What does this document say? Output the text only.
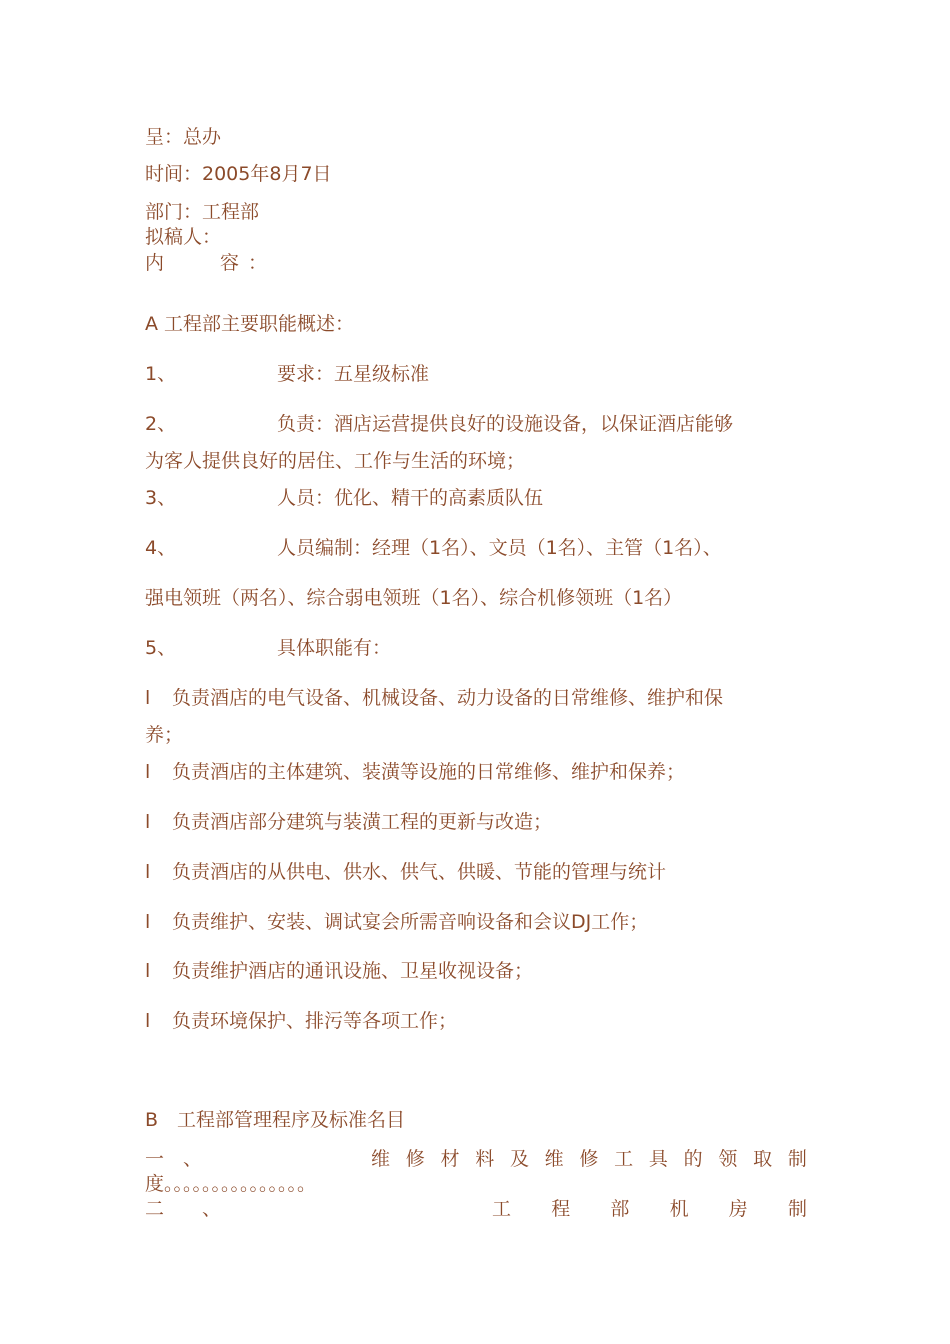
呈：总办
时间：2005年8月7日
部门：工程部
拟稿人：
内	容 ：
A 工程部主要职能概述：
1、	要求：五星级标准
2、	负责：酒店运营提供良好的设施设备，以保证酒店能够
为客人提供良好的居住、工作与生活的环境；
3、	人员：优化、精干的高素质队伍
4、	人员编制：经理（1名）、文员（1名）、主管（1名）、
强电领班（两名）、综合弱电领班（1名）、综合机修领班（1名）
5、	具体职能有：
l 负责酒店的电气设备、机械设备、动力设备的日常维修、维护和保
养；
l 负责酒店的主体建筑、装潢等设施的日常维修、维护和保养；
l 负责酒店部分建筑与装潢工程的更新与改造；
l 负责酒店的从供电、供水、供气、供暖、节能的管理与统计
l 负责维护、安装、调试宴会所需音响设备和会议DJ工作；
l 负责维护酒店的通讯设施、卫星收视设备；
l 负责环境保护、排污等各项工作；
B　工程部管理程序及标准名目
一　、	维 修 材 料 及 维 修 工 具 的 领 取 制
度。。。。。。。。。。。。。。。
二　　、	工 程 部 机 房 制
